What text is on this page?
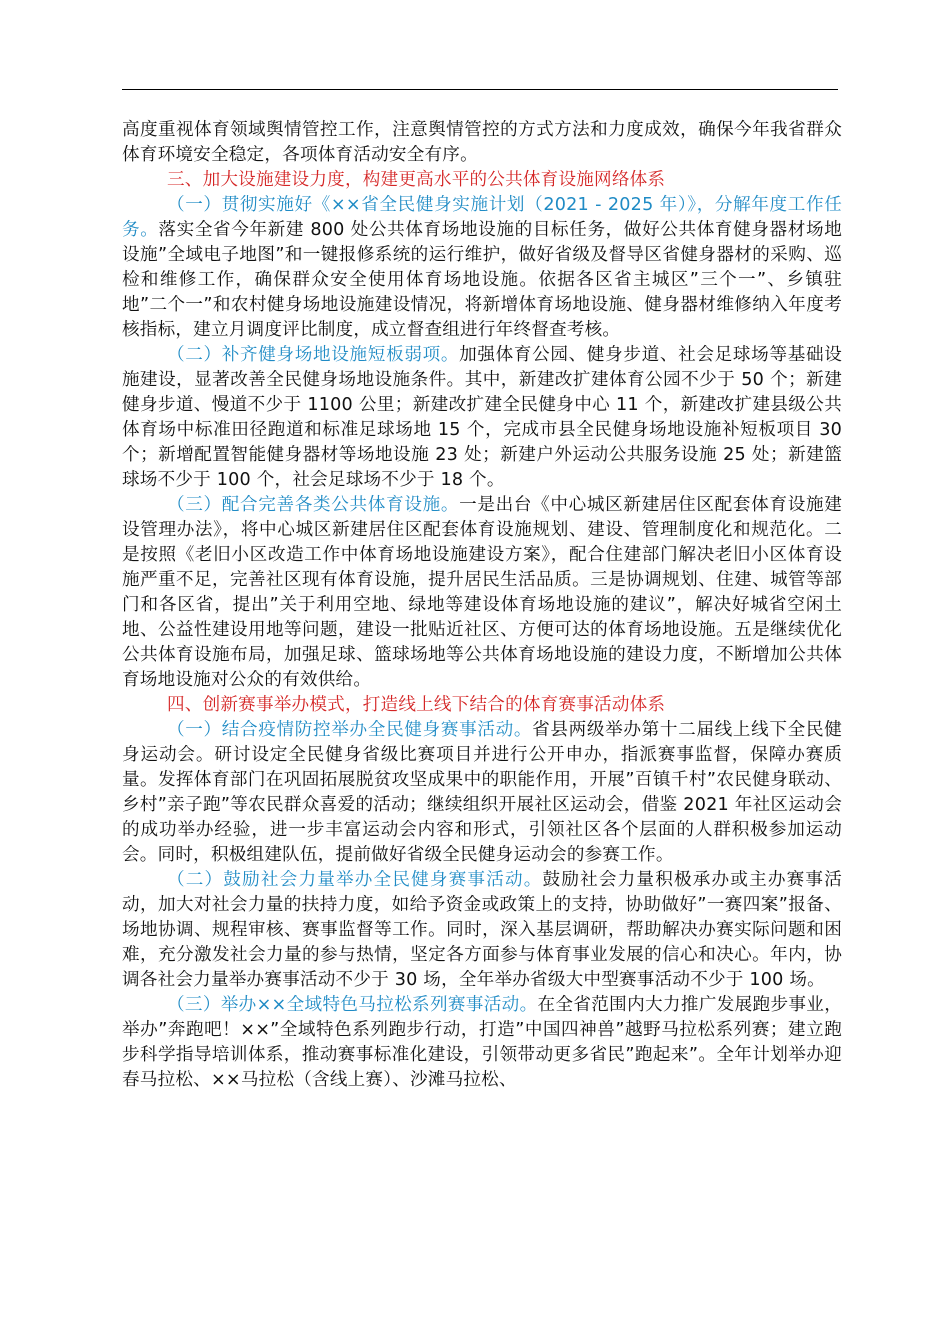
高度重视体育领域舆情管控工作，注意舆情管控的方式方法和力度成效，确保今年我省群众体育环境安全稳定，各项体育活动安全有序。

三、加大设施建设力度，构建更高水平的公共体育设施网络体系

（一）贯彻实施好《××省全民健身实施计划（2021 - 2025 年）》，分解年度工作任务。落实全省今年新建 800 处公共体育场地设施的目标任务，做好公共体育健身器材场地设施”全域电子地图”和一键报修系统的运行维护，做好省级及督导区省健身器材的采购、巡检和维修工作，确保群众安全使用体育场地设施。依据各区省主城区”三个一”、乡镇驻地”二个一”和农村健身场地设施建设情况，将新增体育场地设施、健身器材维修纳入年度考核指标，建立月调度评比制度，成立督查组进行年终督查考核。

（二）补齐健身场地设施短板弱项。加强体育公园、健身步道、社会足球场等基础设施建设，显著改善全民健身场地设施条件。其中，新建改扩建体育公园不少于 50 个；新建健身步道、慢道不少于 1100 公里；新建改扩建全民健身中心 11 个，新建改扩建县级公共体育场中标准田径跑道和标准足球场地 15 个，完成市县全民健身场地设施补短板项目 30 个；新增配置智能健身器材等场地设施 23 处；新建户外运动公共服务设施 25 处；新建篮球场不少于 100 个，社会足球场不少于 18 个。

（三）配合完善各类公共体育设施。一是出台《中心城区新建居住区配套体育设施建设管理办法》，将中心城区新建居住区配套体育设施规划、建设、管理制度化和规范化。二是按照《老旧小区改造工作中体育场地设施建设方案》，配合住建部门解决老旧小区体育设施严重不足，完善社区现有体育设施，提升居民生活品质。三是协调规划、住建、城管等部门和各区省，提出”关于利用空地、绿地等建设体育场地设施的建议”，解决好城省空闲土地、公益性建设用地等问题，建设一批贴近社区、方便可达的体育场地设施。五是继续优化公共体育设施布局，加强足球、篮球场地等公共体育场地设施的建设力度，不断增加公共体育场地设施对公众的有效供给。

四、创新赛事举办模式，打造线上线下结合的体育赛事活动体系

（一）结合疫情防控举办全民健身赛事活动。省县两级举办第十二届线上线下全民健身运动会。研讨设定全民健身省级比赛项目并进行公开申办，指派赛事监督，保障办赛质量。发挥体育部门在巩固拓展脱贫攻坚成果中的职能作用，开展”百镇千村”农民健身联动、乡村”亲子跑”等农民群众喜爱的活动；继续组织开展社区运动会，借鉴 2021 年社区运动会的成功举办经验，进一步丰富运动会内容和形式，引领社区各个层面的人群积极参加运动会。同时，积极组建队伍，提前做好省级全民健身运动会的参赛工作。

（二）鼓励社会力量举办全民健身赛事活动。鼓励社会力量积极承办或主办赛事活动，加大对社会力量的扶持力度，如给予资金或政策上的支持，协助做好”一赛四案”报备、场地协调、规程审核、赛事监督等工作。同时，深入基层调研，帮助解决办赛实际问题和困难，充分激发社会力量的参与热情，坚定各方面参与体育事业发展的信心和决心。年内，协调各社会力量举办赛事活动不少于 30 场，全年举办省级大中型赛事活动不少于 100 场。

（三）举办××全域特色马拉松系列赛事活动。在全省范围内大力推广发展跑步事业，举办”奔跑吧！××”全域特色系列跑步行动，打造”中国四神兽”越野马拉松系列赛；建立跑步科学指导培训体系，推动赛事标准化建设，引领带动更多省民”跑起来”。全年计划举办迎春马拉松、××马拉松（含线上赛）、沙滩马拉松、
